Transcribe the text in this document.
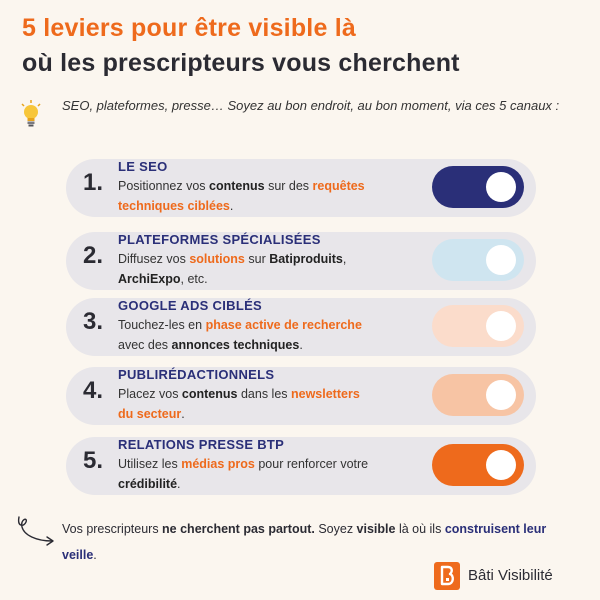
5 leviers pour être visible là
où les prescripteurs vous cherchent
SEO, plateformes, presse… Soyez au bon endroit, au bon moment, via ces 5 canaux :
1.
LE SEO
Positionnez vos contenus sur des requêtes techniques ciblées.
2.
PLATEFORMES SPÉCIALISÉES
Diffusez vos solutions sur Batiproduits, ArchiExpo, etc.
3.
GOOGLE ADS CIBLÉS
Touchez-les en phase active de recherche avec des annonces techniques.
4.
PUBLIRÉDACTIONNELS
Placez vos contenus dans les newsletters du secteur.
5.
RELATIONS PRESSE BTP
Utilisez les médias pros pour renforcer votre crédibilité.
Vos prescripteurs ne cherchent pas partout. Soyez visible là où ils construisent leur veille.
Bâti Visibilité
